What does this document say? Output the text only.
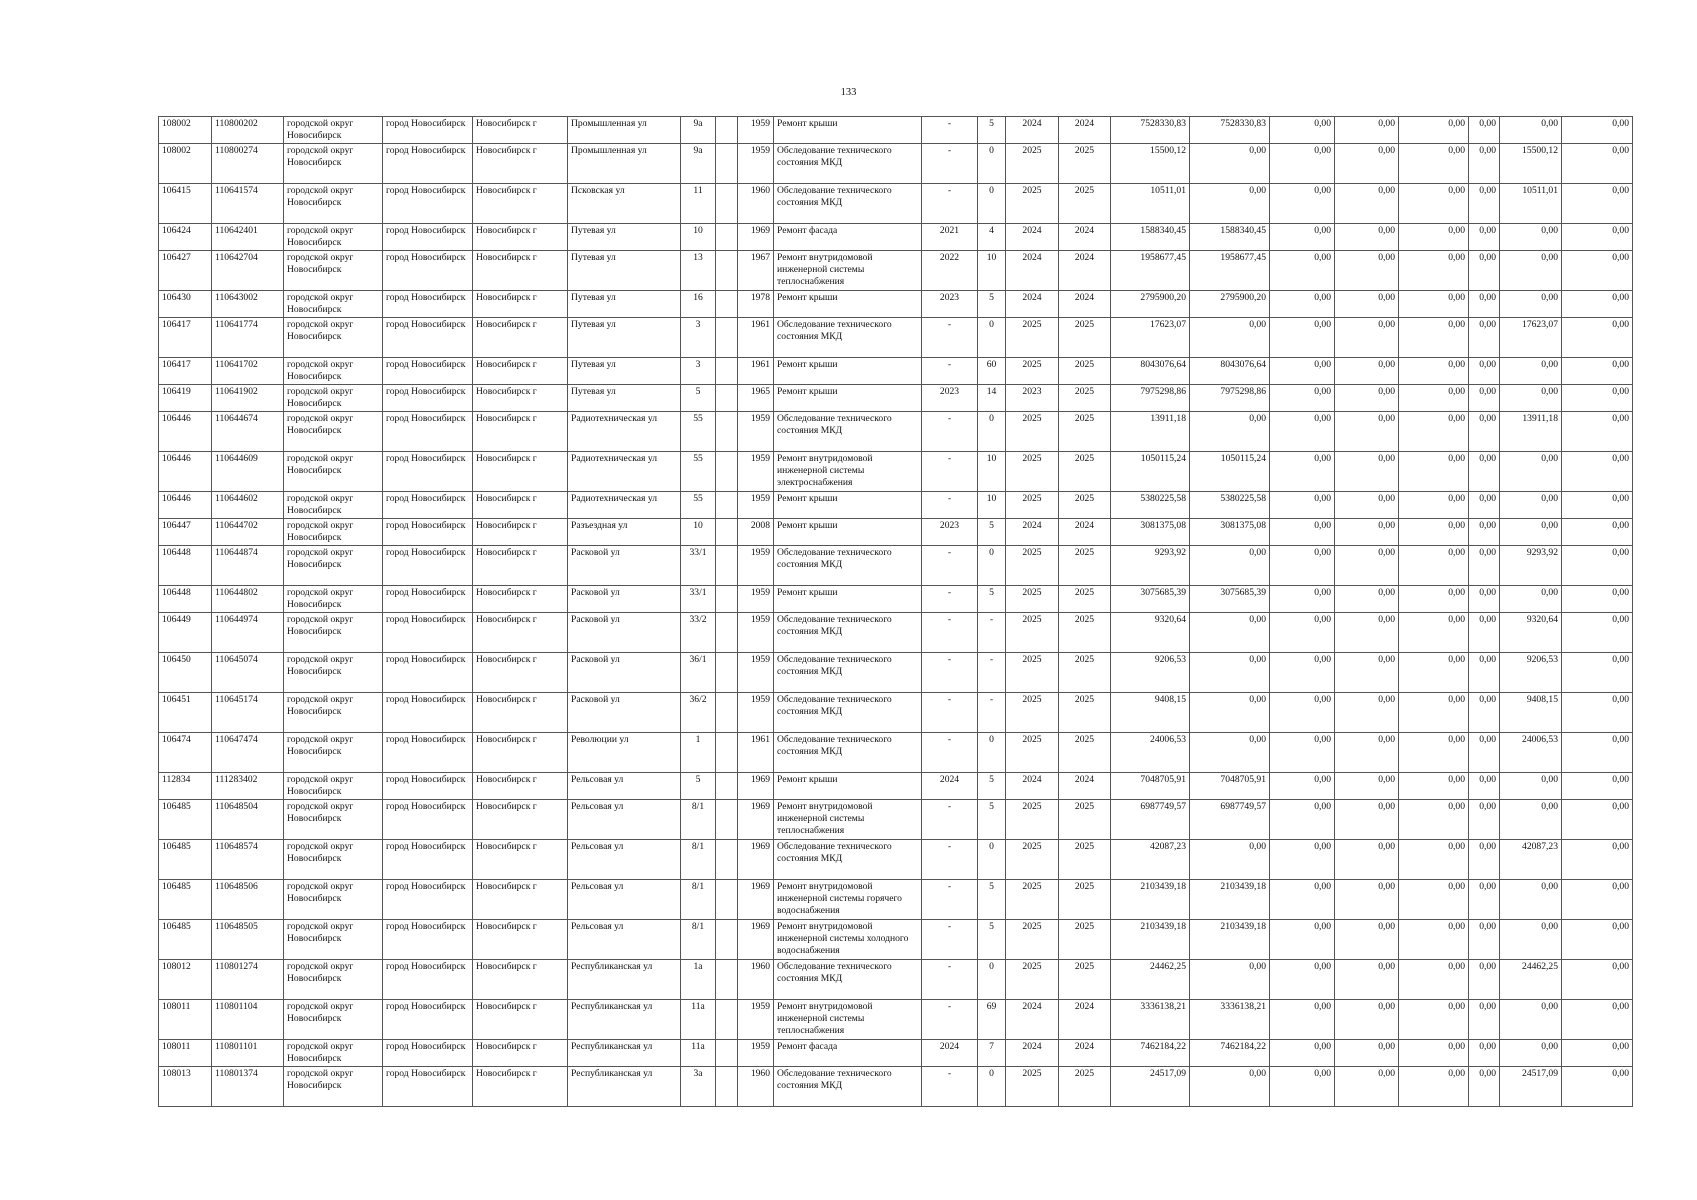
133
108002	110800202	городской округ Новосибирск	город Новосибирск	Новосибирск г	Промышленная ул	9а		1959	Ремонт крыши	-	5	2024	2024	7528330,83	7528330,83	0,00	0,00	0,00	0,00	0,00	0,00
108002	110800274	городской округ Новосибирск	город Новосибирск	Новосибирск г	Промышленная ул	9а		1959	Обследование технического состояния МКД	-	0	2025	2025	15500,12	0,00	0,00	0,00	0,00	0,00	15500,12	0,00
106415	110641574	городской округ Новосибирск	город Новосибирск	Новосибирск г	Псковская ул	11		1960	Обследование технического состояния МКД	-	0	2025	2025	10511,01	0,00	0,00	0,00	0,00	0,00	10511,01	0,00
106424	110642401	городской округ Новосибирск	город Новосибирск	Новосибирск г	Путевая ул	10		1969	Ремонт фасада	2021	4	2024	2024	1588340,45	1588340,45	0,00	0,00	0,00	0,00	0,00	0,00
106427	110642704	городской округ Новосибирск	город Новосибирск	Новосибирск г	Путевая ул	13		1967	Ремонт внутридомовой инженерной системы теплоснабжения	2022	10	2024	2024	1958677,45	1958677,45	0,00	0,00	0,00	0,00	0,00	0,00
106430	110643002	городской округ Новосибирск	город Новосибирск	Новосибирск г	Путевая ул	16		1978	Ремонт крыши	2023	5	2024	2024	2795900,20	2795900,20	0,00	0,00	0,00	0,00	0,00	0,00
106417	110641774	городской округ Новосибирск	город Новосибирск	Новосибирск г	Путевая ул	3		1961	Обследование технического состояния МКД	-	0	2025	2025	17623,07	0,00	0,00	0,00	0,00	0,00	17623,07	0,00
106417	110641702	городской округ Новосибирск	город Новосибирск	Новосибирск г	Путевая ул	3		1961	Ремонт крыши	-	60	2025	2025	8043076,64	8043076,64	0,00	0,00	0,00	0,00	0,00	0,00
106419	110641902	городской округ Новосибирск	город Новосибирск	Новосибирск г	Путевая ул	5		1965	Ремонт крыши	2023	14	2023	2025	7975298,86	7975298,86	0,00	0,00	0,00	0,00	0,00	0,00
106446	110644674	городской округ Новосибирск	город Новосибирск	Новосибирск г	Радиотехническая ул	55		1959	Обследование технического состояния МКД	-	0	2025	2025	13911,18	0,00	0,00	0,00	0,00	0,00	13911,18	0,00
106446	110644609	городской округ Новосибирск	город Новосибирск	Новосибирск г	Радиотехническая ул	55		1959	Ремонт внутридомовой инженерной системы электроснабжения	-	10	2025	2025	1050115,24	1050115,24	0,00	0,00	0,00	0,00	0,00	0,00
106446	110644602	городской округ Новосибирск	город Новосибирск	Новосибирск г	Радиотехническая ул	55		1959	Ремонт крыши	-	10	2025	2025	5380225,58	5380225,58	0,00	0,00	0,00	0,00	0,00	0,00
106447	110644702	городской округ Новосибирск	город Новосибирск	Новосибирск г	Разъездная ул	10		2008	Ремонт крыши	2023	5	2024	2024	3081375,08	3081375,08	0,00	0,00	0,00	0,00	0,00	0,00
106448	110644874	городской округ Новосибирск	город Новосибирск	Новосибирск г	Расковой ул	33/1		1959	Обследование технического состояния МКД	-	0	2025	2025	9293,92	0,00	0,00	0,00	0,00	0,00	9293,92	0,00
106448	110644802	городской округ Новосибирск	город Новосибирск	Новосибирск г	Расковой ул	33/1		1959	Ремонт крыши	-	5	2025	2025	3075685,39	3075685,39	0,00	0,00	0,00	0,00	0,00	0,00
106449	110644974	городской округ Новосибирск	город Новосибирск	Новосибирск г	Расковой ул	33/2		1959	Обследование технического состояния МКД	-	-	2025	2025	9320,64	0,00	0,00	0,00	0,00	0,00	9320,64	0,00
106450	110645074	городской округ Новосибирск	город Новосибирск	Новосибирск г	Расковой ул	36/1		1959	Обследование технического состояния МКД	-	-	2025	2025	9206,53	0,00	0,00	0,00	0,00	0,00	9206,53	0,00
106451	110645174	городской округ Новосибирск	город Новосибирск	Новосибирск г	Расковой ул	36/2		1959	Обследование технического состояния МКД	-	-	2025	2025	9408,15	0,00	0,00	0,00	0,00	0,00	9408,15	0,00
106474	110647474	городской округ Новосибирск	город Новосибирск	Новосибирск г	Революции ул	1		1961	Обследование технического состояния МКД	-	0	2025	2025	24006,53	0,00	0,00	0,00	0,00	0,00	24006,53	0,00
112834	111283402	городской округ Новосибирск	город Новосибирск	Новосибирск г	Рельсовая ул	5		1969	Ремонт крыши	2024	5	2024	2024	7048705,91	7048705,91	0,00	0,00	0,00	0,00	0,00	0,00
106485	110648504	городской округ Новосибирск	город Новосибирск	Новосибирск г	Рельсовая ул	8/1		1969	Ремонт внутридомовой инженерной системы теплоснабжения	-	5	2025	2025	6987749,57	6987749,57	0,00	0,00	0,00	0,00	0,00	0,00
106485	110648574	городской округ Новосибирск	город Новосибирск	Новосибирск г	Рельсовая ул	8/1		1969	Обследование технического состояния МКД	-	0	2025	2025	42087,23	0,00	0,00	0,00	0,00	0,00	42087,23	0,00
106485	110648506	городской округ Новосибирск	город Новосибирск	Новосибирск г	Рельсовая ул	8/1		1969	Ремонт внутридомовой инженерной системы горячего водоснабжения	-	5	2025	2025	2103439,18	2103439,18	0,00	0,00	0,00	0,00	0,00	0,00
106485	110648505	городской округ Новосибирск	город Новосибирск	Новосибирск г	Рельсовая ул	8/1		1969	Ремонт внутридомовой инженерной системы холодного водоснабжения	-	5	2025	2025	2103439,18	2103439,18	0,00	0,00	0,00	0,00	0,00	0,00
108012	110801274	городской округ Новосибирск	город Новосибирск	Новосибирск г	Республиканская ул	1а		1960	Обследование технического состояния МКД	-	0	2025	2025	24462,25	0,00	0,00	0,00	0,00	0,00	24462,25	0,00
108011	110801104	городской округ Новосибирск	город Новосибирск	Новосибирск г	Республиканская ул	11а		1959	Ремонт внутридомовой инженерной системы теплоснабжения	-	69	2024	2024	3336138,21	3336138,21	0,00	0,00	0,00	0,00	0,00	0,00
108011	110801101	городской округ Новосибирск	город Новосибирск	Новосибирск г	Республиканская ул	11а		1959	Ремонт фасада	2024	7	2024	2024	7462184,22	7462184,22	0,00	0,00	0,00	0,00	0,00	0,00
108013	110801374	городской округ Новосибирск	город Новосибирск	Новосибирск г	Республиканская ул	3а		1960	Обследование технического состояния МКД	-	0	2025	2025	24517,09	0,00	0,00	0,00	0,00	0,00	24517,09	0,00
